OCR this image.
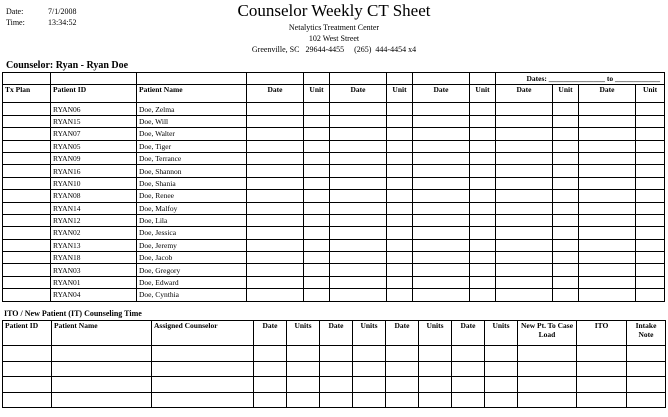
Date:	7/1/2008
Time:	13:34:52
Counselor Weekly CT Sheet
Netalytics Treatment Center
102 West Street
Greenville, SC   29644-4455     (265)  444-4454 x4
Counselor: Ryan - Ryan Doe
									Dates: _______________ to ____________			
Tx Plan	Patient ID	Patient Name	Date	Unit	Date	Unit	Date	Unit	Date	Unit	Date	Unit
	RYAN06	Doe, Zelma										
	RYAN15	Doe, Will										
	RYAN07	Doe, Walter										
	RYAN05	Doe, Tiger										
	RYAN09	Doe, Terrance										
	RYAN16	Doe, Shannon										
	RYAN10	Doe, Shania										
	RYAN08	Doe, Renee										
	RYAN14	Doe, Malfoy										
	RYAN12	Doe, Lila										
	RYAN02	Doe, Jessica										
	RYAN13	Doe, Jeremy										
	RYAN18	Doe, Jacob										
	RYAN03	Doe, Gregory										
	RYAN01	Doe, Edward										
	RYAN04	Doe, Cynthia										
ITO / New Patient (IT) Counseling Time
Patient ID	Patient Name	Assigned Counselor	Date	Units	Date	Units	Date	Units	Date	Units	New Pt. To Case Load	ITO	Intake Note
